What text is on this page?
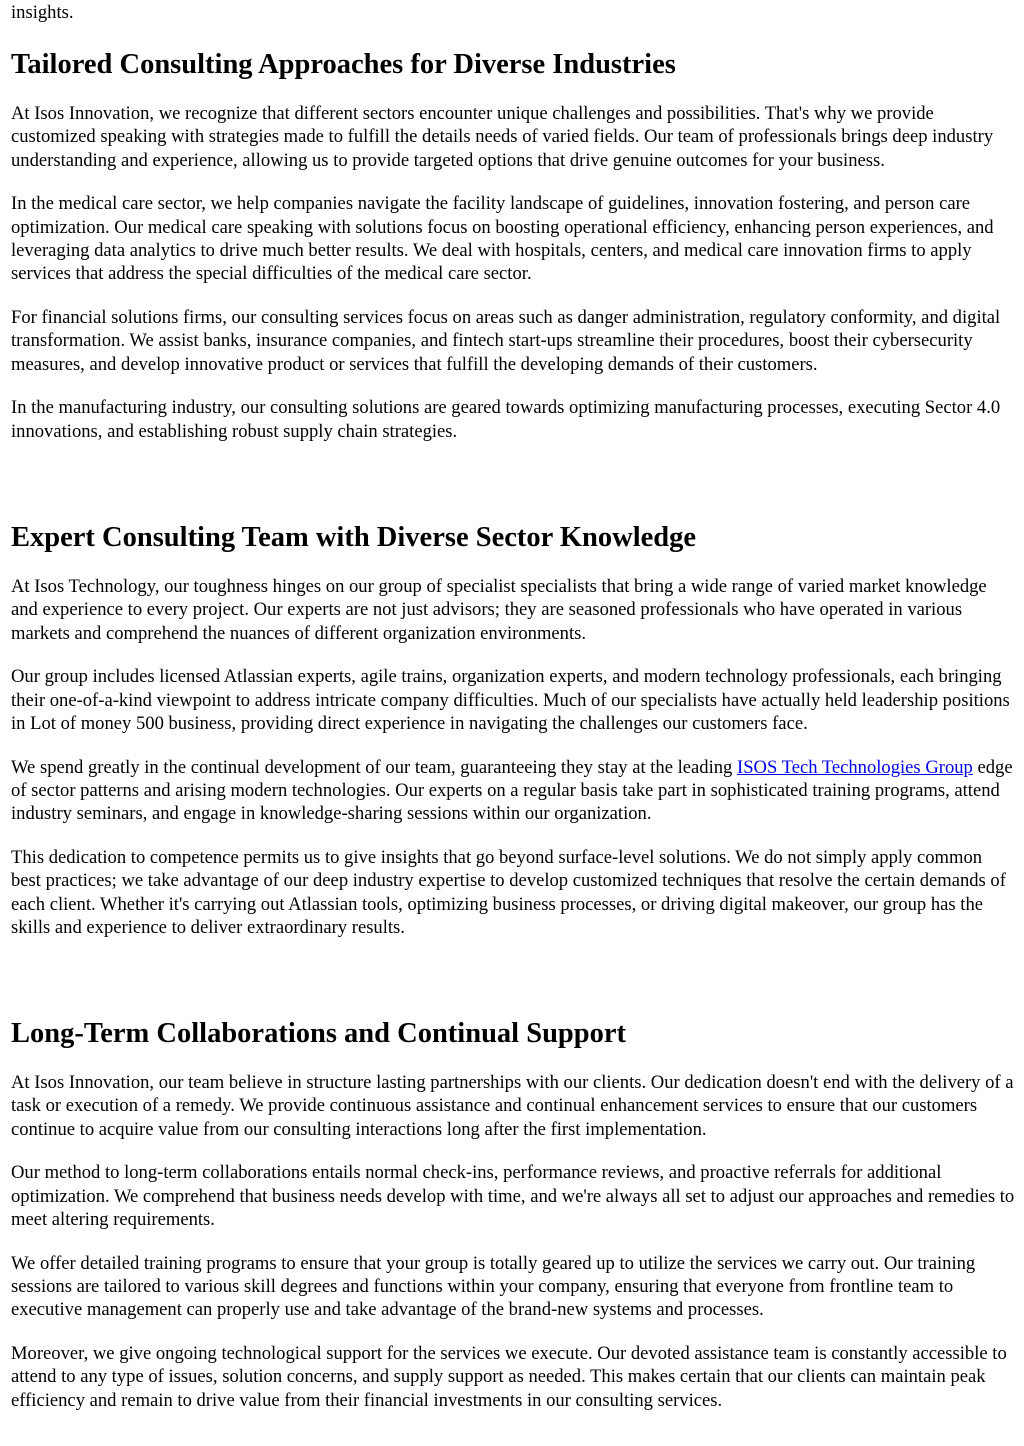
insights.

Tailored Consulting Approaches for Diverse Industries

At Isos Innovation, we recognize that different sectors encounter unique challenges and possibilities. That's why we provide customized speaking with strategies made to fulfill the details needs of varied fields. Our team of professionals brings deep industry understanding and experience, allowing us to provide targeted options that drive genuine outcomes for your business.

In the medical care sector, we help companies navigate the facility landscape of guidelines, innovation fostering, and person care optimization. Our medical care speaking with solutions focus on boosting operational efficiency, enhancing person experiences, and leveraging data analytics to drive much better results. We deal with hospitals, centers, and medical care innovation firms to apply services that address the special difficulties of the medical care sector.

For financial solutions firms, our consulting services focus on areas such as danger administration, regulatory conformity, and digital transformation. We assist banks, insurance companies, and fintech start-ups streamline their procedures, boost their cybersecurity measures, and develop innovative product or services that fulfill the developing demands of their customers.

In the manufacturing industry, our consulting solutions are geared towards optimizing manufacturing processes, executing Sector 4.0 innovations, and establishing robust supply chain strategies.

Expert Consulting Team with Diverse Sector Knowledge

At Isos Technology, our toughness hinges on our group of specialist specialists that bring a wide range of varied market knowledge and experience to every project. Our experts are not just advisors; they are seasoned professionals who have operated in various markets and comprehend the nuances of different organization environments.

Our group includes licensed Atlassian experts, agile trains, organization experts, and modern technology professionals, each bringing their one-of-a-kind viewpoint to address intricate company difficulties. Much of our specialists have actually held leadership positions in Lot of money 500 business, providing direct experience in navigating the challenges our customers face.

We spend greatly in the continual development of our team, guaranteeing they stay at the leading ISOS Tech Technologies Group edge of sector patterns and arising modern technologies. Our experts on a regular basis take part in sophisticated training programs, attend industry seminars, and engage in knowledge-sharing sessions within our organization.

This dedication to competence permits us to give insights that go beyond surface-level solutions. We do not simply apply common best practices; we take advantage of our deep industry expertise to develop customized techniques that resolve the certain demands of each client. Whether it's carrying out Atlassian tools, optimizing business processes, or driving digital makeover, our group has the skills and experience to deliver extraordinary results.

Long-Term Collaborations and Continual Support

At Isos Innovation, our team believe in structure lasting partnerships with our clients. Our dedication doesn't end with the delivery of a task or execution of a remedy. We provide continuous assistance and continual enhancement services to ensure that our customers continue to acquire value from our consulting interactions long after the first implementation.

Our method to long-term collaborations entails normal check-ins, performance reviews, and proactive referrals for additional optimization. We comprehend that business needs develop with time, and we're always all set to adjust our approaches and remedies to meet altering requirements.

We offer detailed training programs to ensure that your group is totally geared up to utilize the services we carry out. Our training sessions are tailored to various skill degrees and functions within your company, ensuring that everyone from frontline team to executive management can properly use and take advantage of the brand-new systems and processes.

Moreover, we give ongoing technological support for the services we execute. Our devoted assistance team is constantly accessible to attend to any type of issues, solution concerns, and supply support as needed. This makes certain that our clients can maintain peak efficiency and remain to drive value from their financial investments in our consulting services.
